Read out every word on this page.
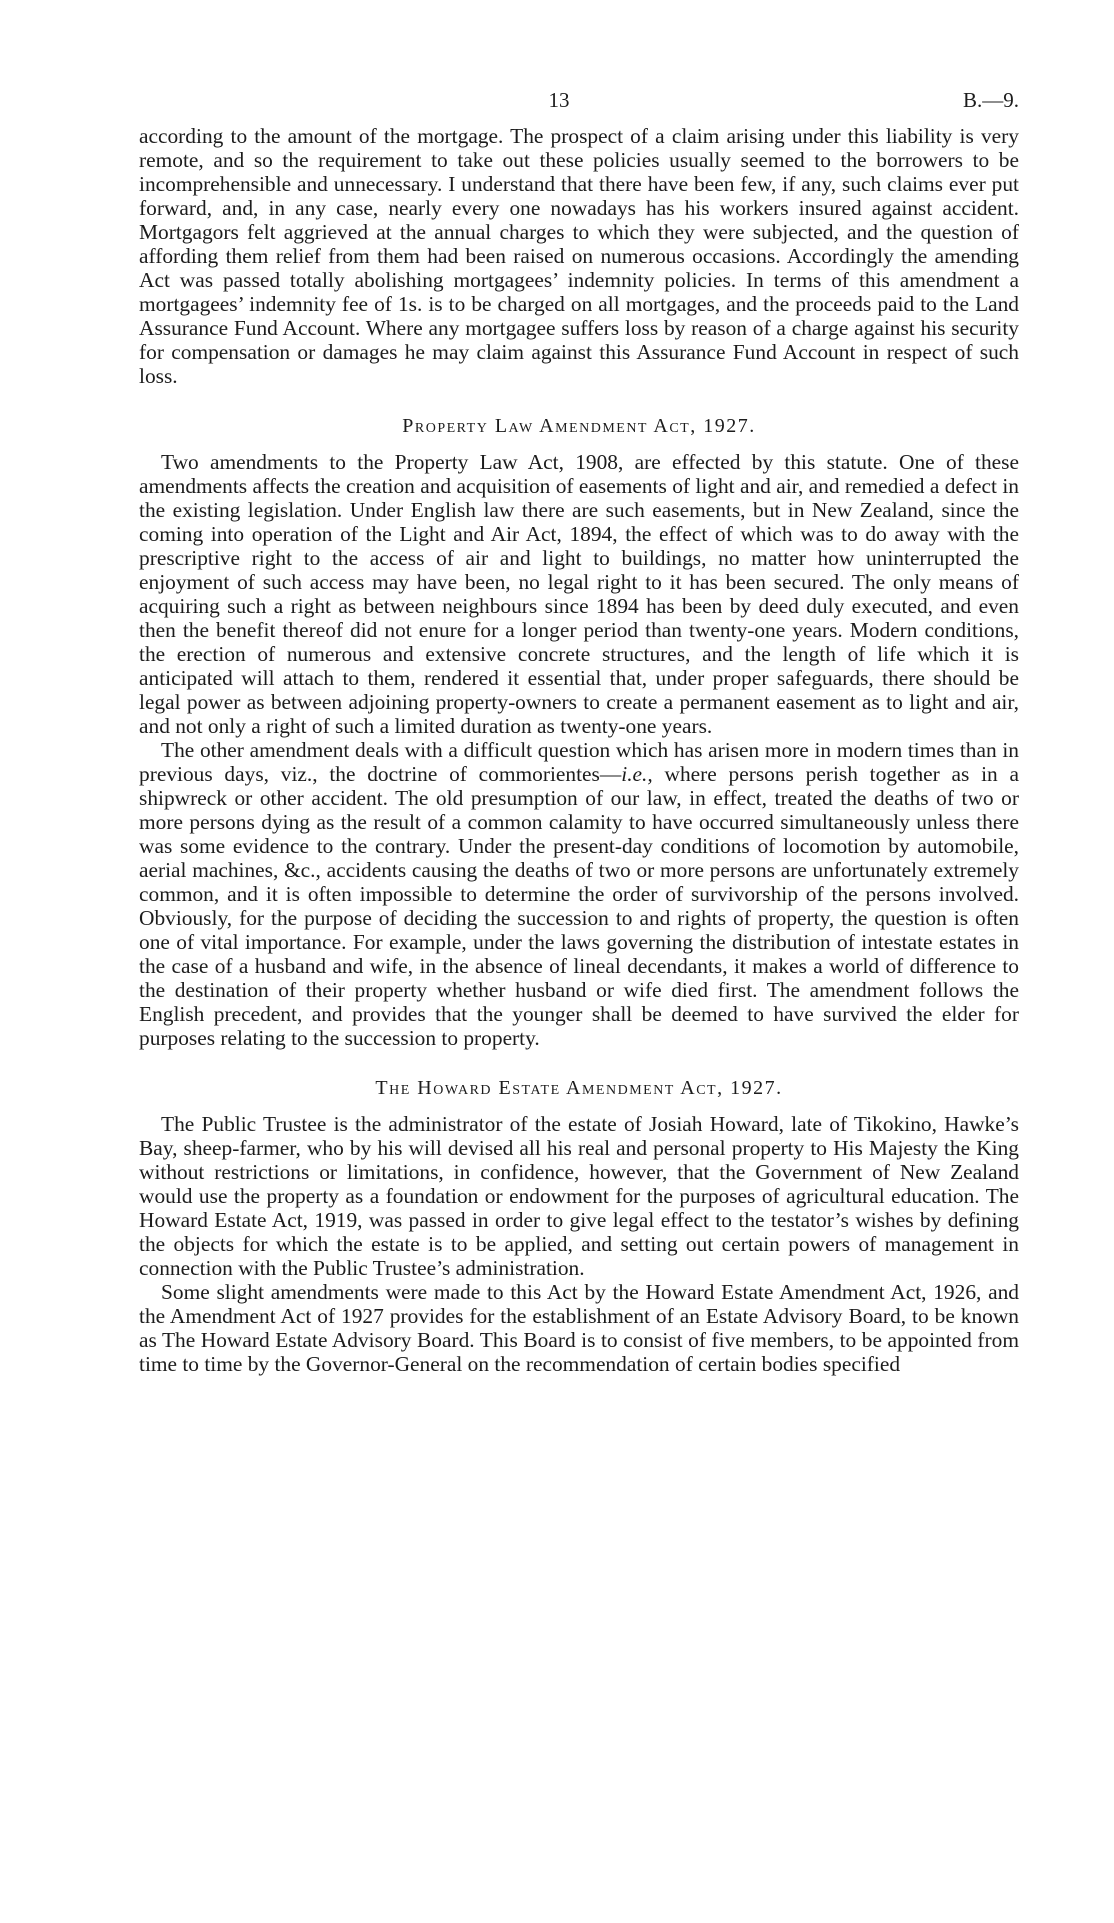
13	B.—9.

according to the amount of the mortgage. The prospect of a claim arising under this liability is very remote, and so the requirement to take out these policies usually seemed to the borrowers to be incomprehensible and unnecessary. I understand that there have been few, if any, such claims ever put forward, and, in any case, nearly every one nowadays has his workers insured against accident. Mortgagors felt aggrieved at the annual charges to which they were subjected, and the question of affording them relief from them had been raised on numerous occasions. Accordingly the amending Act was passed totally abolishing mortgagees’ indemnity policies. In terms of this amendment a mortgagees’ indemnity fee of 1s. is to be charged on all mortgages, and the proceeds paid to the Land Assurance Fund Account. Where any mortgagee suffers loss by reason of a charge against his security for compensation or damages he may claim against this Assurance Fund Account in respect of such loss.

Property Law Amendment Act, 1927.

Two amendments to the Property Law Act, 1908, are effected by this statute. One of these amendments affects the creation and acquisition of easements of light and air, and remedied a defect in the existing legislation. Under English law there are such easements, but in New Zealand, since the coming into operation of the Light and Air Act, 1894, the effect of which was to do away with the prescriptive right to the access of air and light to buildings, no matter how uninterrupted the enjoyment of such access may have been, no legal right to it has been secured. The only means of acquiring such a right as between neighbours since 1894 has been by deed duly executed, and even then the benefit thereof did not enure for a longer period than twenty-one years. Modern conditions, the erection of numerous and extensive concrete structures, and the length of life which it is anticipated will attach to them, rendered it essential that, under proper safeguards, there should be legal power as between adjoining property-owners to create a permanent easement as to light and air, and not only a right of such a limited duration as twenty-one years.

The other amendment deals with a difficult question which has arisen more in modern times than in previous days, viz., the doctrine of commorientes—i.e., where persons perish together as in a shipwreck or other accident. The old presumption of our law, in effect, treated the deaths of two or more persons dying as the result of a common calamity to have occurred simultaneously unless there was some evidence to the contrary. Under the present-day conditions of locomotion by automobile, aerial machines, &c., accidents causing the deaths of two or more persons are unfortunately extremely common, and it is often impossible to determine the order of survivorship of the persons involved. Obviously, for the purpose of deciding the succession to and rights of property, the question is often one of vital importance. For example, under the laws governing the distribution of intestate estates in the case of a husband and wife, in the absence of lineal decendants, it makes a world of difference to the destination of their property whether husband or wife died first. The amendment follows the English precedent, and provides that the younger shall be deemed to have survived the elder for purposes relating to the succession to property.

The Howard Estate Amendment Act, 1927.

The Public Trustee is the administrator of the estate of Josiah Howard, late of Tikokino, Hawke’s Bay, sheep-farmer, who by his will devised all his real and personal property to His Majesty the King without restrictions or limitations, in confidence, however, that the Government of New Zealand would use the property as a foundation or endowment for the purposes of agricultural education. The Howard Estate Act, 1919, was passed in order to give legal effect to the testator’s wishes by defining the objects for which the estate is to be applied, and setting out certain powers of management in connection with the Public Trustee’s administration.

Some slight amendments were made to this Act by the Howard Estate Amendment Act, 1926, and the Amendment Act of 1927 provides for the establishment of an Estate Advisory Board, to be known as The Howard Estate Advisory Board. This Board is to consist of five members, to be appointed from time to time by the Governor-General on the recommendation of certain bodies specified
